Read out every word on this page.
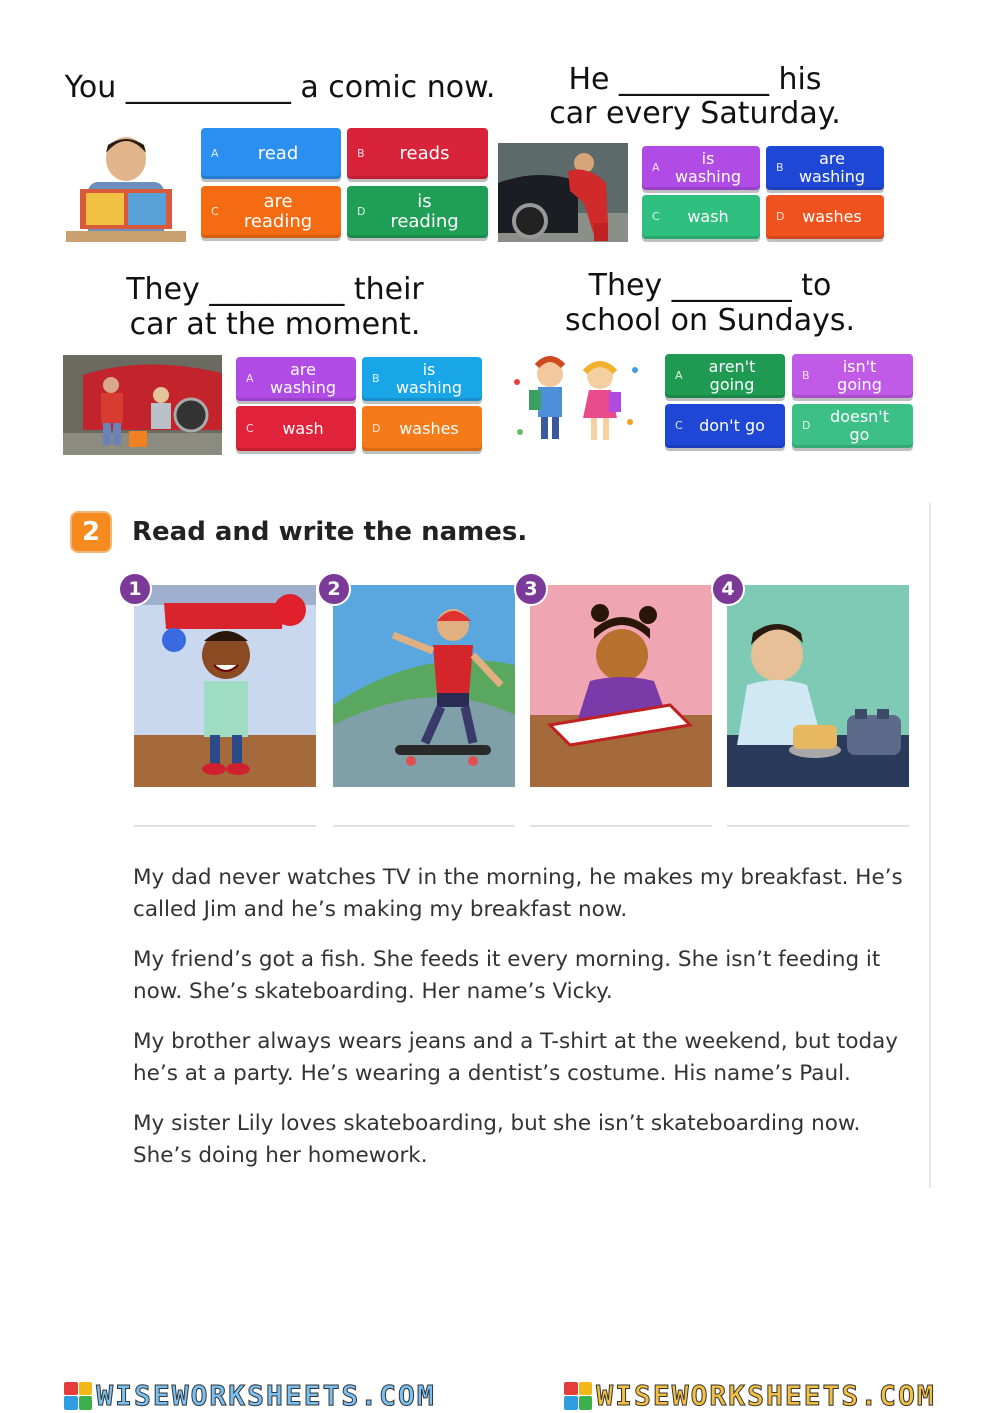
You ___________ a comic now.
A	read	B	reads
C	are reading	D	is reading
He __________ his
car every Saturday.
A	is washing	B	are washing
C	wash	D	washes
They _________ their
car at the moment.
A	are washing	B	is washing
C	wash	D	washes
They ________ to
school on Sundays.
A	aren't going	B	isn't going
C	don't go	D	doesn't go
2	Read and write the names.
1	2	3	4
My dad never watches TV in the morning, he makes my breakfast. He’s called Jim and he’s making my breakfast now.
My friend’s got a fish. She feeds it every morning. She isn’t feeding it now. She’s skateboarding. Her name’s Vicky.
My brother always wears jeans and a T-shirt at the weekend, but today he’s at a party. He’s wearing a dentist’s costume. His name’s Paul.
My sister Lily loves skateboarding, but she isn’t skateboarding now. She’s doing her homework.
WISEWORKSHEETS.COM	WISEWORKSHEETS.COM
